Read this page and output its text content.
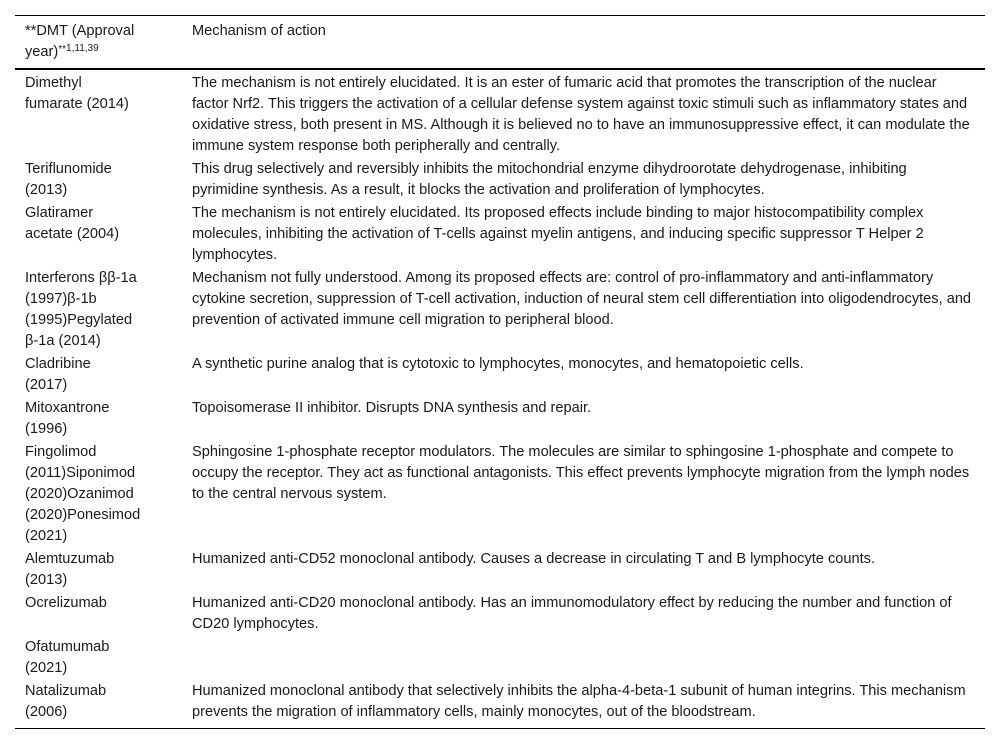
**DMT (Approval
year)$^{**1,11,39}$	Mechanism of action

Dimethyl
fumarate (2014)	The mechanism is not entirely elucidated. It is an ester of fumaric acid that promotes the transcription of the nuclear factor Nrf2. This triggers the activation of a cellular defense system against toxic stimuli such as inflammatory states and oxidative stress, both present in MS. Although it is believed no to have an immunosuppressive effect, it can modulate the immune system response both peripherally and centrally.

Teriflunomide
(2013)	This drug selectively and reversibly inhibits the mitochondrial enzyme dihydroorotate dehydrogenase, inhibiting pyrimidine synthesis. As a result, it blocks the activation and proliferation of lymphocytes.

Glatiramer
acetate (2004)	The mechanism is not entirely elucidated. Its proposed effects include binding to major histocompatibility complex molecules, inhibiting the activation of T-cells against myelin antigens, and inducing specific suppressor T Helper 2 lymphocytes.

Interferons ββ-1a
(1997)β-1b
(1995)Pegylated
β-1a (2014)
	Mechanism not fully understood. Among its proposed effects are: control of pro-inflammatory and anti-inflammatory cytokine secretion, suppression of T-cell activation, induction of neural stem cell differentiation into oligodendrocytes, and prevention of activated immune cell migration to peripheral blood.

Cladribine
(2017)	A synthetic purine analog that is cytotoxic to lymphocytes, monocytes, and hematopoietic cells.

Mitoxantrone
(1996)	Topoisomerase II inhibitor. Disrupts DNA synthesis and repair.

Fingolimod
(2011)Siponimod
(2020)Ozanimod
(2020)Ponesimod
(2021)
	Sphingosine 1-phosphate receptor modulators. The molecules are similar to sphingosine 1-phosphate and compete to occupy the receptor. They act as functional antagonists. This effect prevents lymphocyte migration from the lymph nodes to the central nervous system.

Alemtuzumab
(2013)	Humanized anti-CD52 monoclonal antibody. Causes a decrease in circulating T and B lymphocyte counts.

Ocrelizumab	Humanized anti-CD20 monoclonal antibody. Has an immunomodulatory effect by reducing the number and function of CD20 lymphocytes.

Ofatumumab
(2021)	

Natalizumab
(2006)	Humanized monoclonal antibody that selectively inhibits the alpha-4-beta-1 subunit of human integrins. This mechanism prevents the migration of inflammatory cells, mainly monocytes, out of the bloodstream.
